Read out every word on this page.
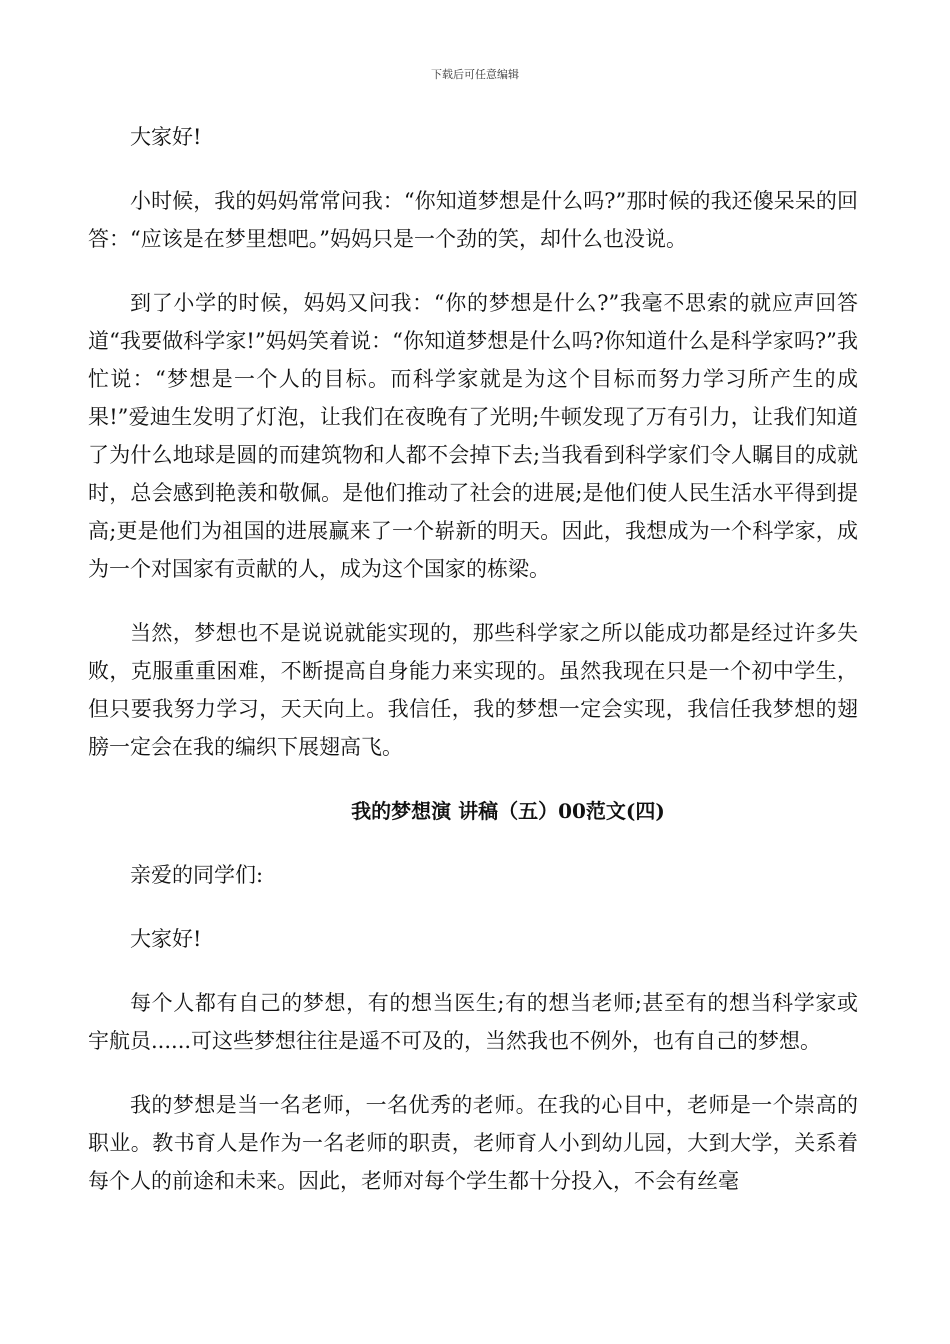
下载后可任意编辑

大家好!

小时候，我的妈妈常常问我：“你知道梦想是什么吗?”那时候的我还傻呆呆的回答：“应该是在梦里想吧。”妈妈只是一个劲的笑，却什么也没说。

到了小学的时候，妈妈又问我：“你的梦想是什么?”我毫不思索的就应声回答道“我要做科学家!”妈妈笑着说：“你知道梦想是什么吗?你知道什么是科学家吗?”我忙说：“梦想是一个人的目标。而科学家就是为这个目标而努力学习所产生的成果!”爱迪生发明了灯泡，让我们在夜晚有了光明;牛顿发现了万有引力，让我们知道了为什么地球是圆的而建筑物和人都不会掉下去;当我看到科学家们令人瞩目的成就时，总会感到艳羡和敬佩。是他们推动了社会的进展;是他们使人民生活水平得到提高;更是他们为祖国的进展赢来了一个崭新的明天。因此，我想成为一个科学家，成为一个对国家有贡献的人，成为这个国家的栋梁。

当然，梦想也不是说说就能实现的，那些科学家之所以能成功都是经过许多失败，克服重重困难，不断提高自身能力来实现的。虽然我现在只是一个初中学生，但只要我努力学习，天天向上。我信任，我的梦想一定会实现，我信任我梦想的翅膀一定会在我的编织下展翅高飞。

我的梦想演 讲稿（五）00范文(四)

亲爱的同学们:

大家好!

每个人都有自己的梦想，有的想当医生;有的想当老师;甚至有的想当科学家或宇航员......可这些梦想往往是遥不可及的，当然我也不例外，也有自己的梦想。

我的梦想是当一名老师，一名优秀的老师。在我的心目中，老师是一个崇高的职业。教书育人是作为一名老师的职责，老师育人小到幼儿园，大到大学，关系着每个人的前途和未来。因此，老师对每个学生都十分投入，不会有丝毫
